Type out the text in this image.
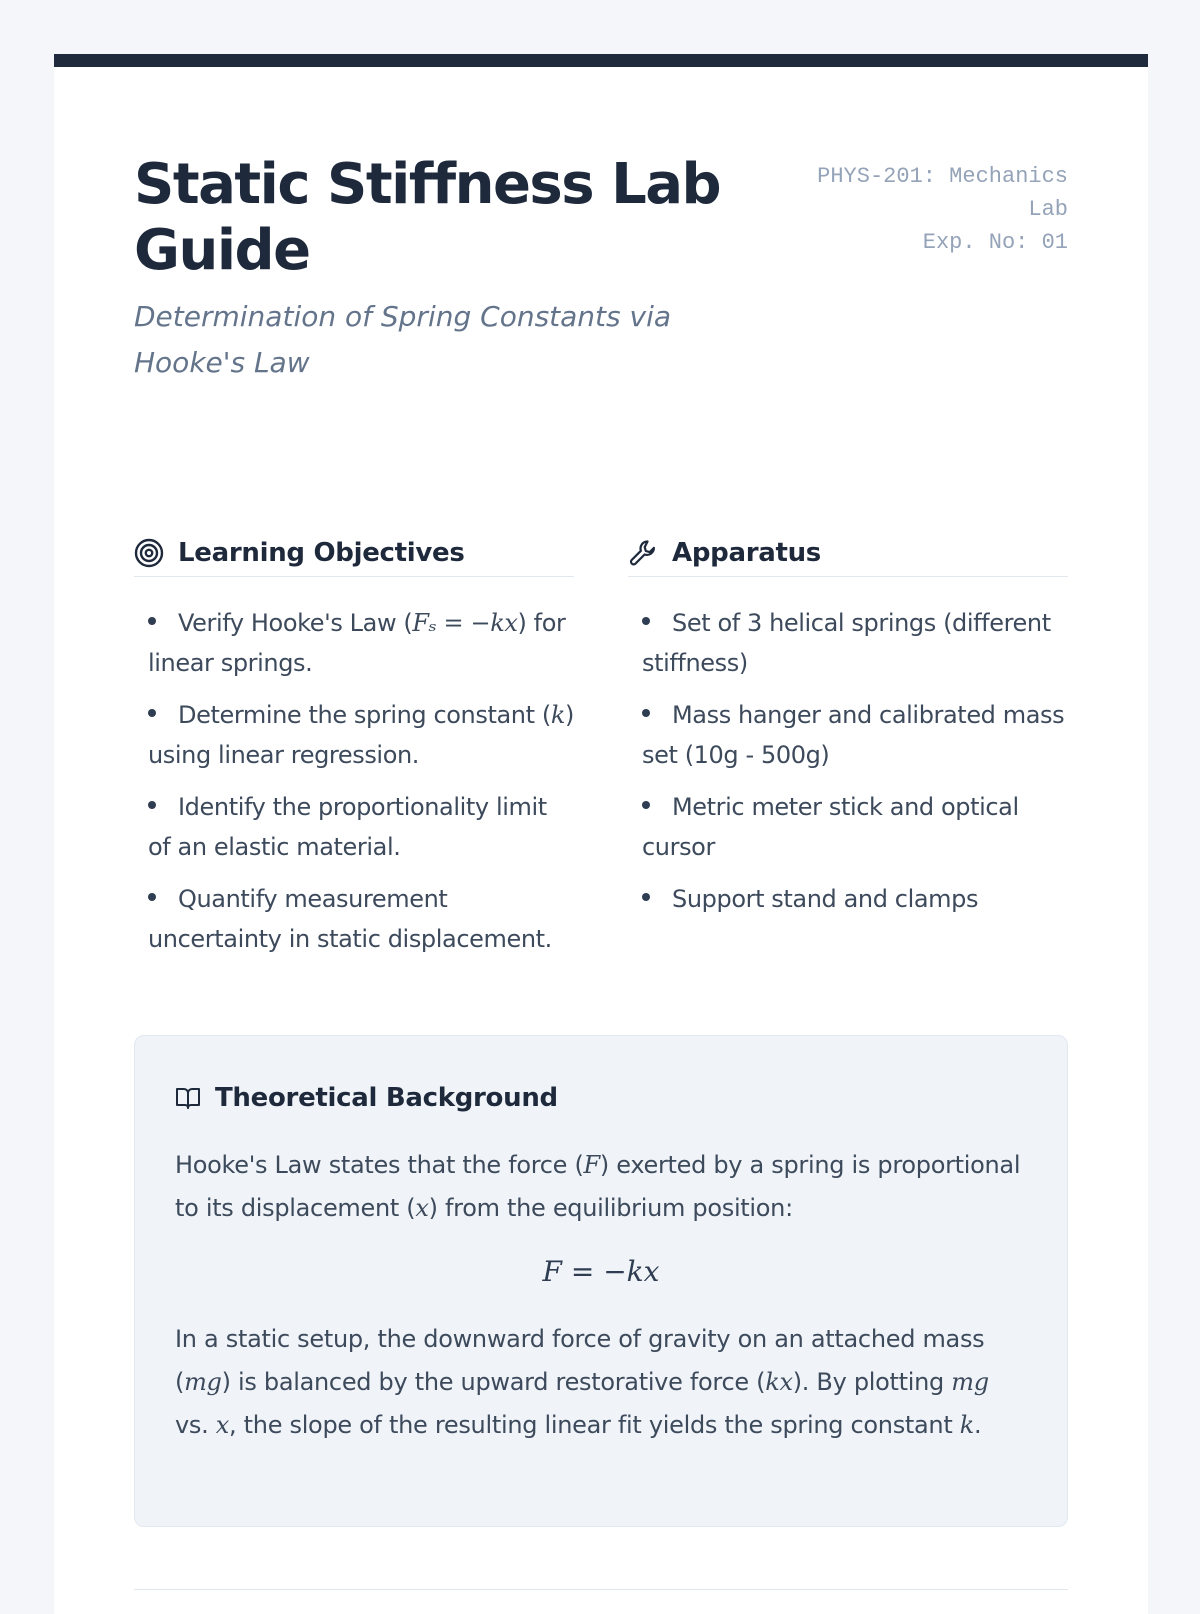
Static Stiffness Lab Guide
Determination of Spring Constants via Hooke's Law
PHYS-201: Mechanics Lab
Exp. No: 01
Learning Objectives
Verify Hooke's Law (Fₛ = −kx) for linear springs.
Determine the spring constant (k) using linear regression.
Identify the proportionality limit of an elastic material.
Quantify measurement uncertainty in static displacement.
Apparatus
Set of 3 helical springs (different stiffness)
Mass hanger and calibrated mass set (10g - 500g)
Metric meter stick and optical cursor
Support stand and clamps
Theoretical Background

Hooke's Law states that the force (F) exerted by a spring is proportional to its displacement (x) from the equilibrium position:

F = −kx

In a static setup, the downward force of gravity on an attached mass (mg) is balanced by the upward restorative force (kx). By plotting mg vs. x, the slope of the resulting linear fit yields the spring constant k.
